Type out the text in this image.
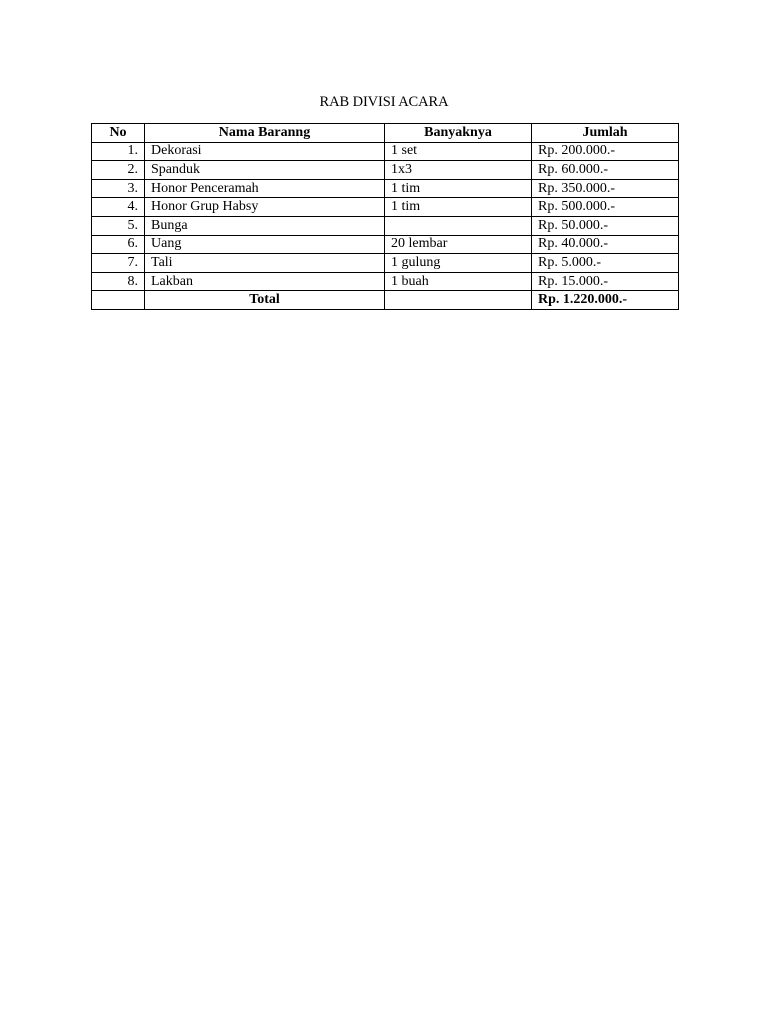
RAB DIVISI ACARA
No	Nama Baranng	Banyaknya	Jumlah
1.	Dekorasi	1 set	Rp. 200.000.-
2.	Spanduk	1x3	Rp. 60.000.-
3.	Honor Penceramah	1 tim	Rp. 350.000.-
4.	Honor Grup Habsy	1 tim	Rp. 500.000.-
5.	Bunga		Rp. 50.000.-
6.	Uang	20 lembar	Rp. 40.000.-
7.	Tali	1 gulung	Rp. 5.000.-
8.	Lakban	1 buah	Rp. 15.000.-
	Total		Rp. 1.220.000.-
